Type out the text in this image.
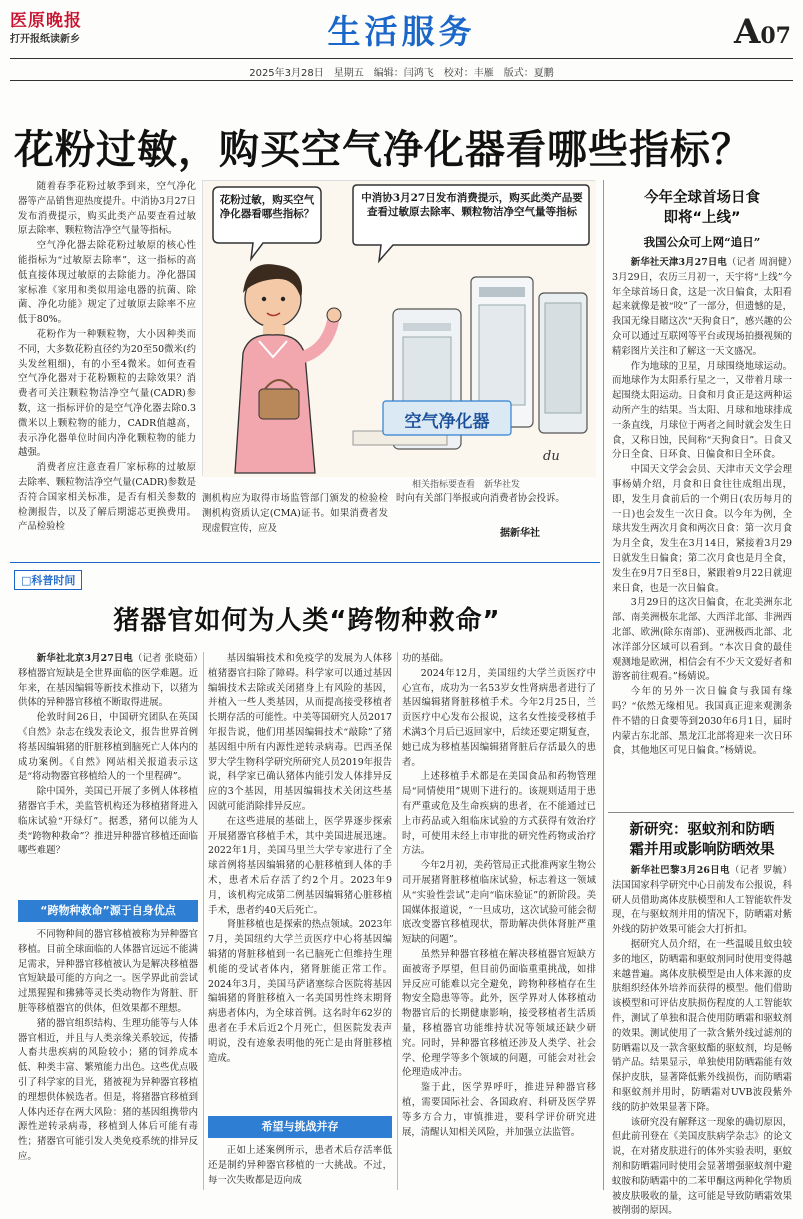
医原晚报
打开报纸读新乡	生活服务	A07
2025年3月28日　星期五　编辑：闫鸿飞　校对：丰雁　版式：夏鹏
花粉过敏，购买空气净化器看哪些指标？

随着春季花粉过敏季到来，空气净化器等产品销售迎热度提升。中消协3月27日发布消费提示，购买此类产品要查看过敏原去除率、颗粒物洁净空气量等指标。

空气净化器去除花粉过敏原的核心性能指标为“过敏原去除率”，这一指标的高低直接体现过敏原的去除能力。净化器国家标准《家用和类似用途电器的抗菌、除菌、净化功能》规定了过敏原去除率不应低于80%。

花粉作为一种颗粒物，大小因种类而不同，大多数花粉直径约为20至50微米(约头发丝粗细)，有的小至4微米。如何查看空气净化器对于花粉颗粒的去除效果？消费者可关注颗粒物洁净空气量(CADR)参数，这一指标评价的是空气净化器去除0.3微米以上颗粒物的能力，CADR值越高，表示净化器单位时间内净化颗粒物的能力越强。

消费者应注意查看厂家标称的过敏原去除率、颗粒物洁净空气量(CADR)参数是否符合国家相关标准，是否有相关参数的检测报告，以及了解后期滤芯更换费用。产品检验检

花粉过敏，购买空气净化器看哪些指标？
中消协3月27日发布消费提示，购买此类产品要查看过敏原去除率、颗粒物洁净空气量等指标
空气净化器
du
相关指标要查看　新华社发

测机构应为取得市场监管部门颁发的检验检测机构资质认定(CMA)证书。如果消费者发现虚假宣传，应及

时向有关部门举报或向消费者协会投诉。

据新华社
今年全球首场日食
即将“上线”
我国公众可上网“追日”

新华社天津3月27日电（记者 周润健）3月29日，农历三月初一，天宇将“上线”今年全球首场日食，这是一次日偏食，太阳看起来就像是被“咬”了一部分，但遗憾的是，我国无缘目睹这次“天狗食日”，感兴趣的公众可以通过互联网等平台或现场拍摄视频的精彩图片关注和了解这一天文盛况。

作为地球的卫星，月球围绕地球运动。而地球作为太阳系行星之一，又带着月球一起围绕太阳运动。日食和月食正是这两种运动所产生的结果。当太阳、月球和地球排成一条直线，月球位于两者之间时就会发生日食，又称日蚀，民间称“天狗食日”。日食又分日全食、日环食、日偏食和日全环食。

中国天文学会会员、天津市天文学会理事杨婧介绍，月食和日食往往成组出现，即，发生月食前后的一个朔日(农历每月的一日)也会发生一次日食。以今年为例，全球共发生两次月食和两次日食：第一次月食为月全食，发生在3月14日，紧接着3月29日就发生日偏食；第二次月食也是月全食，发生在9月7日至8日，紧跟着9月22日就迎来日食，也是一次日偏食。

3月29日的这次日偏食，在北美洲东北部、南美洲极东北部、大西洋北部、非洲西北部、欧洲(除东南部)、亚洲极西北部、北冰洋部分区域可以看到。“本次日食的最佳观测地是欧洲，相信会有不少天文爱好者和游客前往观看。”杨婧说。

今年的另外一次日偏食与我国有缘吗？“依然无缘相见。我国真正迎来观测条件不错的日食要等到2030年6月1日，届时内蒙古东北部、黑龙江北部将迎来一次日环食，其他地区可见日偏食。”杨婧说。

新研究：驱蚊剂和防晒
霜并用或影响防晒效果

新华社巴黎3月26日电（记者 罗毓）法国国家科学研究中心日前发布公报说，科研人员借助离体皮肤模型和人工智能软件发现，在与驱蚊剂并用的情况下，防晒霜对紫外线的防护效果可能会大打折扣。

据研究人员介绍，在一些温暖且蚊虫较多的地区，防晒霜和驱蚊剂同时使用变得越来越普遍。离体皮肤模型是由人体来源的皮肤组织经体外培养而获得的模型。他们借助该模型和可评估皮肤损伤程度的人工智能软件，测试了单独和混合使用防晒霜和驱蚊剂的效果。测试使用了一款含紫外线过滤剂的防晒霜以及一款含驱蚊酯的驱蚊剂，均是畅销产品。结果显示，单独使用防晒霜能有效保护皮肤，显著降低紫外线损伤，而防晒霜和驱蚊剂并用时，防晒霜对UVB波段紫外线的防护效果显著下降。

该研究没有解释这一现象的确切原因，但此前刊登在《美国皮肤病学杂志》的论文说，在对猪皮肤进行的体外实验表明，驱蚊剂和防晒霜同时使用会显著增强驱蚊剂中避蚊胺和防晒霜中的二苯甲酮这两种化学物质被皮肤吸收的量，这可能是导致防晒霜效果被削弱的原因。

□科普时间
猪器官如何为人类“跨物种救命”

新华社北京3月27日电（记者 张晓茹）移植器官短缺是全世界面临的医学难题。近年来，在基因编辑等新技术推动下，以猪为供体的异种器官移植不断取得进展。

伦敦时间26日，中国研究团队在英国《自然》杂志在线发表论文，报告世界首例将基因编辑猪的肝脏移植到脑死亡人体内的成功案例。《自然》网站相关报道表示这是“将动物器官移植给人的一个里程碑”。

除中国外，美国已开展了多例人体移植猪器官手术，美监管机构还为移植猪肾进入临床试验“开绿灯”。据悉，猪何以能为人类“跨物种救命”？推进异种器官移植还面临哪些难题？

“跨物种救命”源于自身优点

不同物种间的器官移植被称为异种器官移植。目前全球面临的人体器官远远不能满足需求，异种器官移植被认为是解决移植器官短缺最可能的方向之一。医学界此前尝试过黑猩猩和狒狒等灵长类动物作为肾脏、肝脏等移植器官的供体，但效果都不理想。

猪的器官组织结构、生理功能等与人体器官相近，并且与人类亲缘关系较远，传播人畜共患疾病的风险较小；猪的饲养成本低、种类丰富、繁殖能力出色。这些优点吸引了科学家的目光，猪被视为异种器官移植的理想供体候选者。但是，将猪器官移植到人体内还存在两大风险：猪的基因组携带内源性逆转录病毒，移植到人体后可能有毒性；猪器官可能引发人类免疫系统的排异反应。

基因编辑技术和免疫学的发展为人体移植猪器官扫除了障碍。科学家可以通过基因编辑技术去除或关闭猪身上有风险的基因，并植入一些人类基因，从而提高接受移植者长期存活的可能性。中美等国研究人员2017年报告说，他们用基因编辑技术“敲除”了猪基因组中所有内源性逆转录病毒。巴西圣保罗大学生物科学研究所研究人员2019年报告说，科学家已确认猪体内能引发人体排异反应的3个基因，用基因编辑技术关闭这些基因就可能消除排异反应。

在这些进展的基础上，医学界逐步探索开展猪器官移植手术，其中美国进展迅速。2022年1月，美国马里兰大学专家进行了全球首例将基因编辑猪的心脏移植到人体的手术，患者术后存活了约2个月。2023年9月，该机构完成第二例基因编辑猪心脏移植手术，患者约40天后死亡。

肾脏移植也是探索的热点领域。2023年7月，美国纽约大学兰贡医疗中心将基因编辑猪的肾脏移植到一名已脑死亡但维持生理机能的受试者体内，猪肾脏能正常工作。2024年3月，美国马萨诸塞综合医院将基因编辑猪的肾脏移植入一名美国男性终末期肾病患者体内，为全球首例。这名时年62岁的患者在手术后近2个月死亡，但医院发表声明说，没有迹象表明他的死亡是由肾脏移植造成。

希望与挑战并存

正如上述案例所示，患者术后存活率低还是制约异种器官移植的一大挑战。不过，每一次失败都是迈向成

功的基础。

2024年12月，美国纽约大学兰贡医疗中心宣布，成功为一名53岁女性肾病患者进行了基因编辑猪肾脏移植手术。今年2月25日，兰贡医疗中心发布公报说，这名女性接受移植手术满3个月后已返回家中，后续还要定期复查，她已成为移植基因编辑猪肾脏后存活最久的患者。

上述移植手术都是在美国食品和药物管理局“同情使用”规则下进行的。该规则适用于患有严重或危及生命疾病的患者，在不能通过已上市药品或入组临床试验的方式获得有效治疗时，可使用未经上市审批的研究性药物或治疗方法。

今年2月初，美药管局正式批准两家生物公司开展猪肾脏移植临床试验，标志着这一领域从“实验性尝试”走向“临床验证”的新阶段。美国媒体报道说，“一旦成功，这次试验可能会彻底改变器官移植现状，帮助解决供体肾脏严重短缺的问题”。

虽然异种器官移植在解决移植器官短缺方面被寄予厚望，但目前仍面临重重挑战，如排异反应可能难以完全避免，跨物种移植存在生物安全隐患等等。此外，医学界对人体移植动物器官后的长期健康影响，接受移植者生活质量，移植器官功能维持状况等领域还缺少研究。同时，异种器官移植还涉及人类学、社会学、伦理学等多个领域的问题，可能会对社会伦理造成冲击。

鉴于此，医学界呼吁，推进异种器官移植，需要国际社会、各国政府、科研及医学界等多方合力，审慎推进，要科学评价研究进展，清醒认知相关风险，并加强立法监管。
